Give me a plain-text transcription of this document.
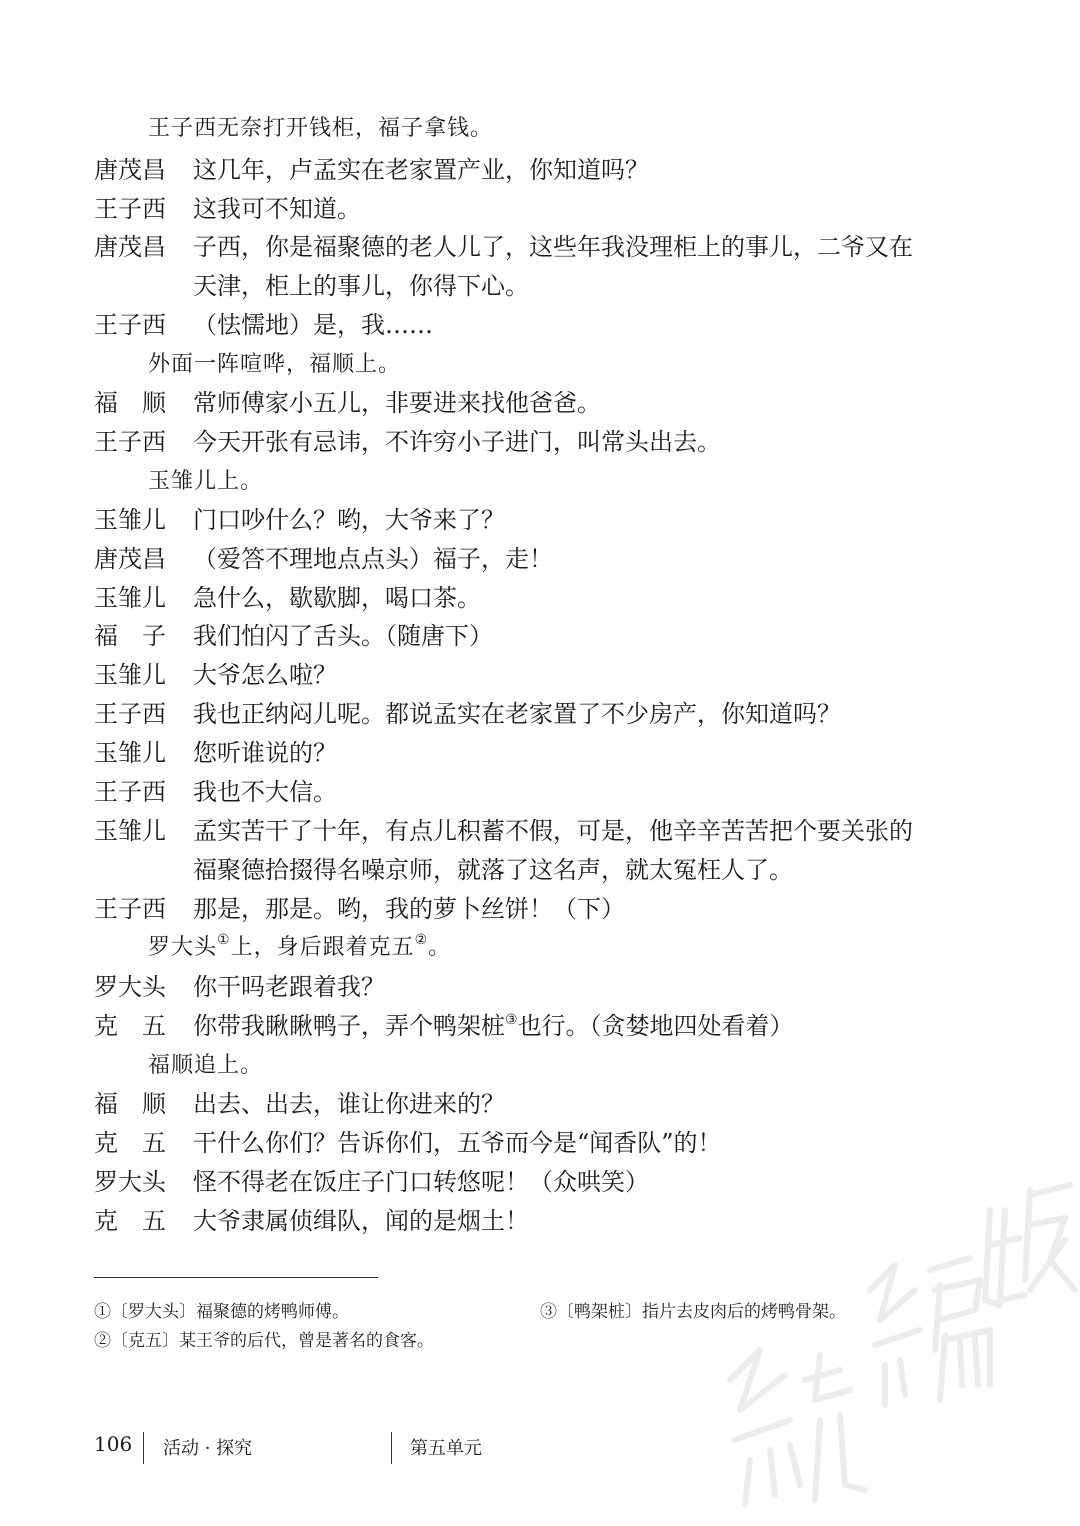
王子西无奈打开钱柜，福子拿钱。
唐茂昌 这几年，卢孟实在老家置产业，你知道吗？
王子西 这我可不知道。
唐茂昌 子西，你是福聚德的老人儿了，这些年我没理柜上的事儿，二爷又在
天津，柜上的事儿，你得下心。
王子西 （怯懦地）是，我……
外面一阵喧哗，福顺上。
福顺 常师傅家小五儿，非要进来找他爸爸。
王子西 今天开张有忌讳，不许穷小子进门，叫常头出去。
玉雏儿上。
玉雏儿 门口吵什么？哟，大爷来了？
唐茂昌 （爱答不理地点点头）福子，走！
玉雏儿 急什么，歇歇脚，喝口茶。
福子 我们怕闪了舌头。（随唐下）
玉雏儿 大爷怎么啦？
王子西 我也正纳闷儿呢。都说孟实在老家置了不少房产，你知道吗？
玉雏儿 您听谁说的？
王子西 我也不大信。
玉雏儿 孟实苦干了十年，有点儿积蓄不假，可是，他辛辛苦苦把个要关张的
福聚德拾掇得名噪京师，就落了这名声，就太冤枉人了。
王子西 那是，那是。哟，我的萝卜丝饼！（下）
罗大头①上，身后跟着克五②。
罗大头 你干吗老跟着我？
克五 你带我瞅瞅鸭子，弄个鸭架桩③也行。（贪婪地四处看着）
福顺追上。
福顺 出去、出去，谁让你进来的？
克五 干什么你们？告诉你们，五爷而今是“闻香队”的！
罗大头 怪不得老在饭庄子门口转悠呢！（众哄笑）
克五 大爷隶属侦缉队，闻的是烟土！
①〔罗大头〕福聚德的烤鸭师傅。	③〔鸭架桩〕指片去皮肉后的烤鸭骨架。
②〔克五〕某王爷的后代，曾是著名的食客。
106 活动 · 探究	第五单元
